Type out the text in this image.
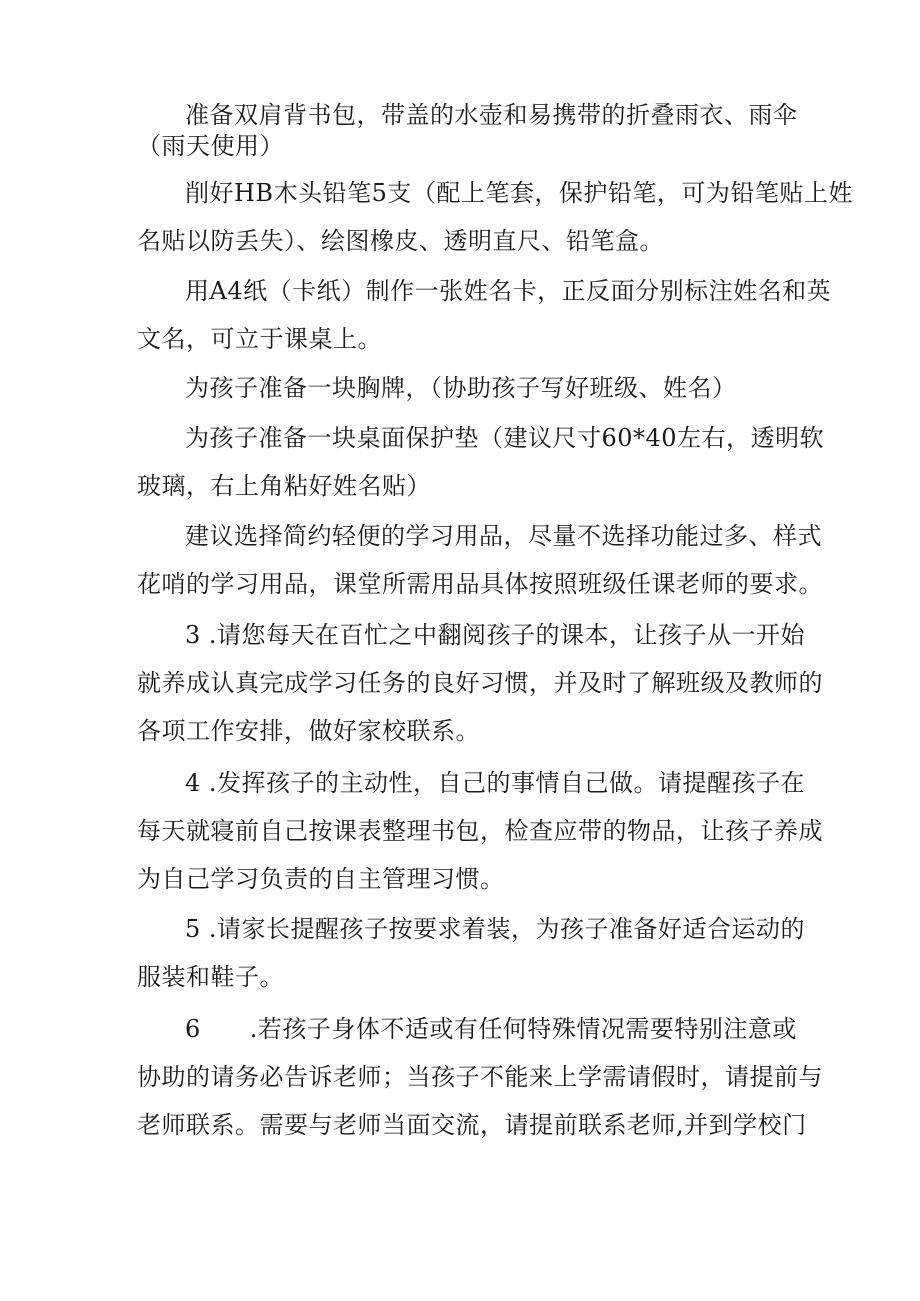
准备双肩背书包，带盖的水壶和易携带的折叠雨衣、雨伞
（雨天使用）
削好HB木头铅笔5支（配上笔套，保护铅笔，可为铅笔贴上姓
名贴以防丢失）、绘图橡皮、透明直尺、铅笔盒。
用A4纸（卡纸）制作一张姓名卡，正反面分别标注姓名和英
文名，可立于课桌上。
为孩子准备一块胸牌，（协助孩子写好班级、姓名）
为孩子准备一块桌面保护垫（建议尺寸60*40左右，透明软
玻璃，右上角粘好姓名贴）
建议选择简约轻便的学习用品，尽量不选择功能过多、样式
花哨的学习用品，课堂所需用品具体按照班级任课老师的要求。
3 .请您每天在百忙之中翻阅孩子的课本，让孩子从一开始
就养成认真完成学习任务的良好习惯，并及时了解班级及教师的
各项工作安排，做好家校联系。
4 .发挥孩子的主动性，自己的事情自己做。请提醒孩子在
每天就寝前自己按课表整理书包，检查应带的物品，让孩子养成
为自己学习负责的自主管理习惯。
5 .请家长提醒孩子按要求着装，为孩子准备好适合运动的
服装和鞋子。
6　　.若孩子身体不适或有任何特殊情况需要特别注意或
协助的请务必告诉老师；当孩子不能来上学需请假时，请提前与
老师联系。需要与老师当面交流，请提前联系老师,并到学校门
